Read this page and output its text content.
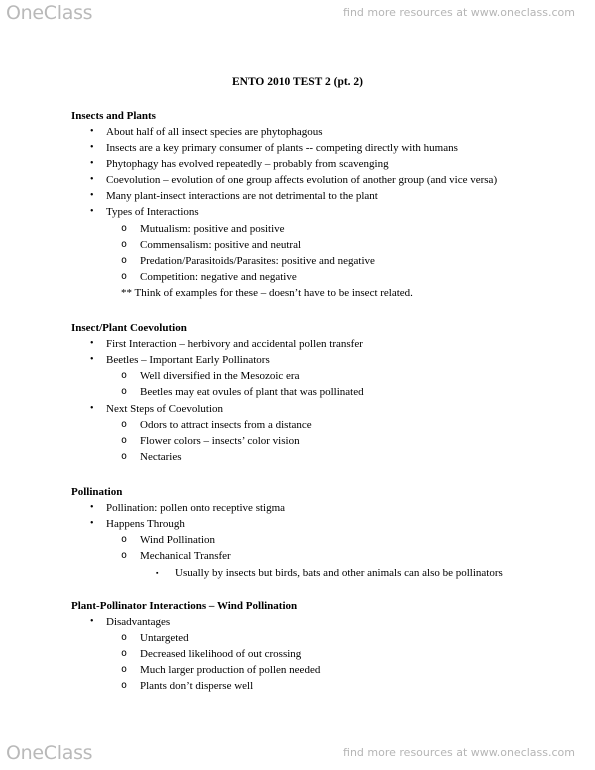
OneClass	find more resources at www.oneclass.com
ENTO 2010 TEST 2 (pt. 2)
Insects and Plants
• About half of all insect species are phytophagous
• Insects are a key primary consumer of plants -- competing directly with humans
• Phytophagy has evolved repeatedly – probably from scavenging
• Coevolution – evolution of one group affects evolution of another group (and vice versa)
• Many plant-insect interactions are not detrimental to the plant
• Types of Interactions
o Mutualism: positive and positive
o Commensalism: positive and neutral
o Predation/Parasitoids/Parasites: positive and negative
o Competition: negative and negative
** Think of examples for these – doesn’t have to be insect related.
Insect/Plant Coevolution
• First Interaction – herbivory and accidental pollen transfer
• Beetles – Important Early Pollinators
o Well diversified in the Mesozoic era
o Beetles may eat ovules of plant that was pollinated
• Next Steps of Coevolution
o Odors to attract insects from a distance
o Flower colors – insects’ color vision
o Nectaries
Pollination
• Pollination: pollen onto receptive stigma
• Happens Through
o Wind Pollination
o Mechanical Transfer
▪ Usually by insects but birds, bats and other animals can also be pollinators
Plant-Pollinator Interactions – Wind Pollination
• Disadvantages
o Untargeted
o Decreased likelihood of out crossing
o Much larger production of pollen needed
o Plants don’t disperse well
OneClass	find more resources at www.oneclass.com
